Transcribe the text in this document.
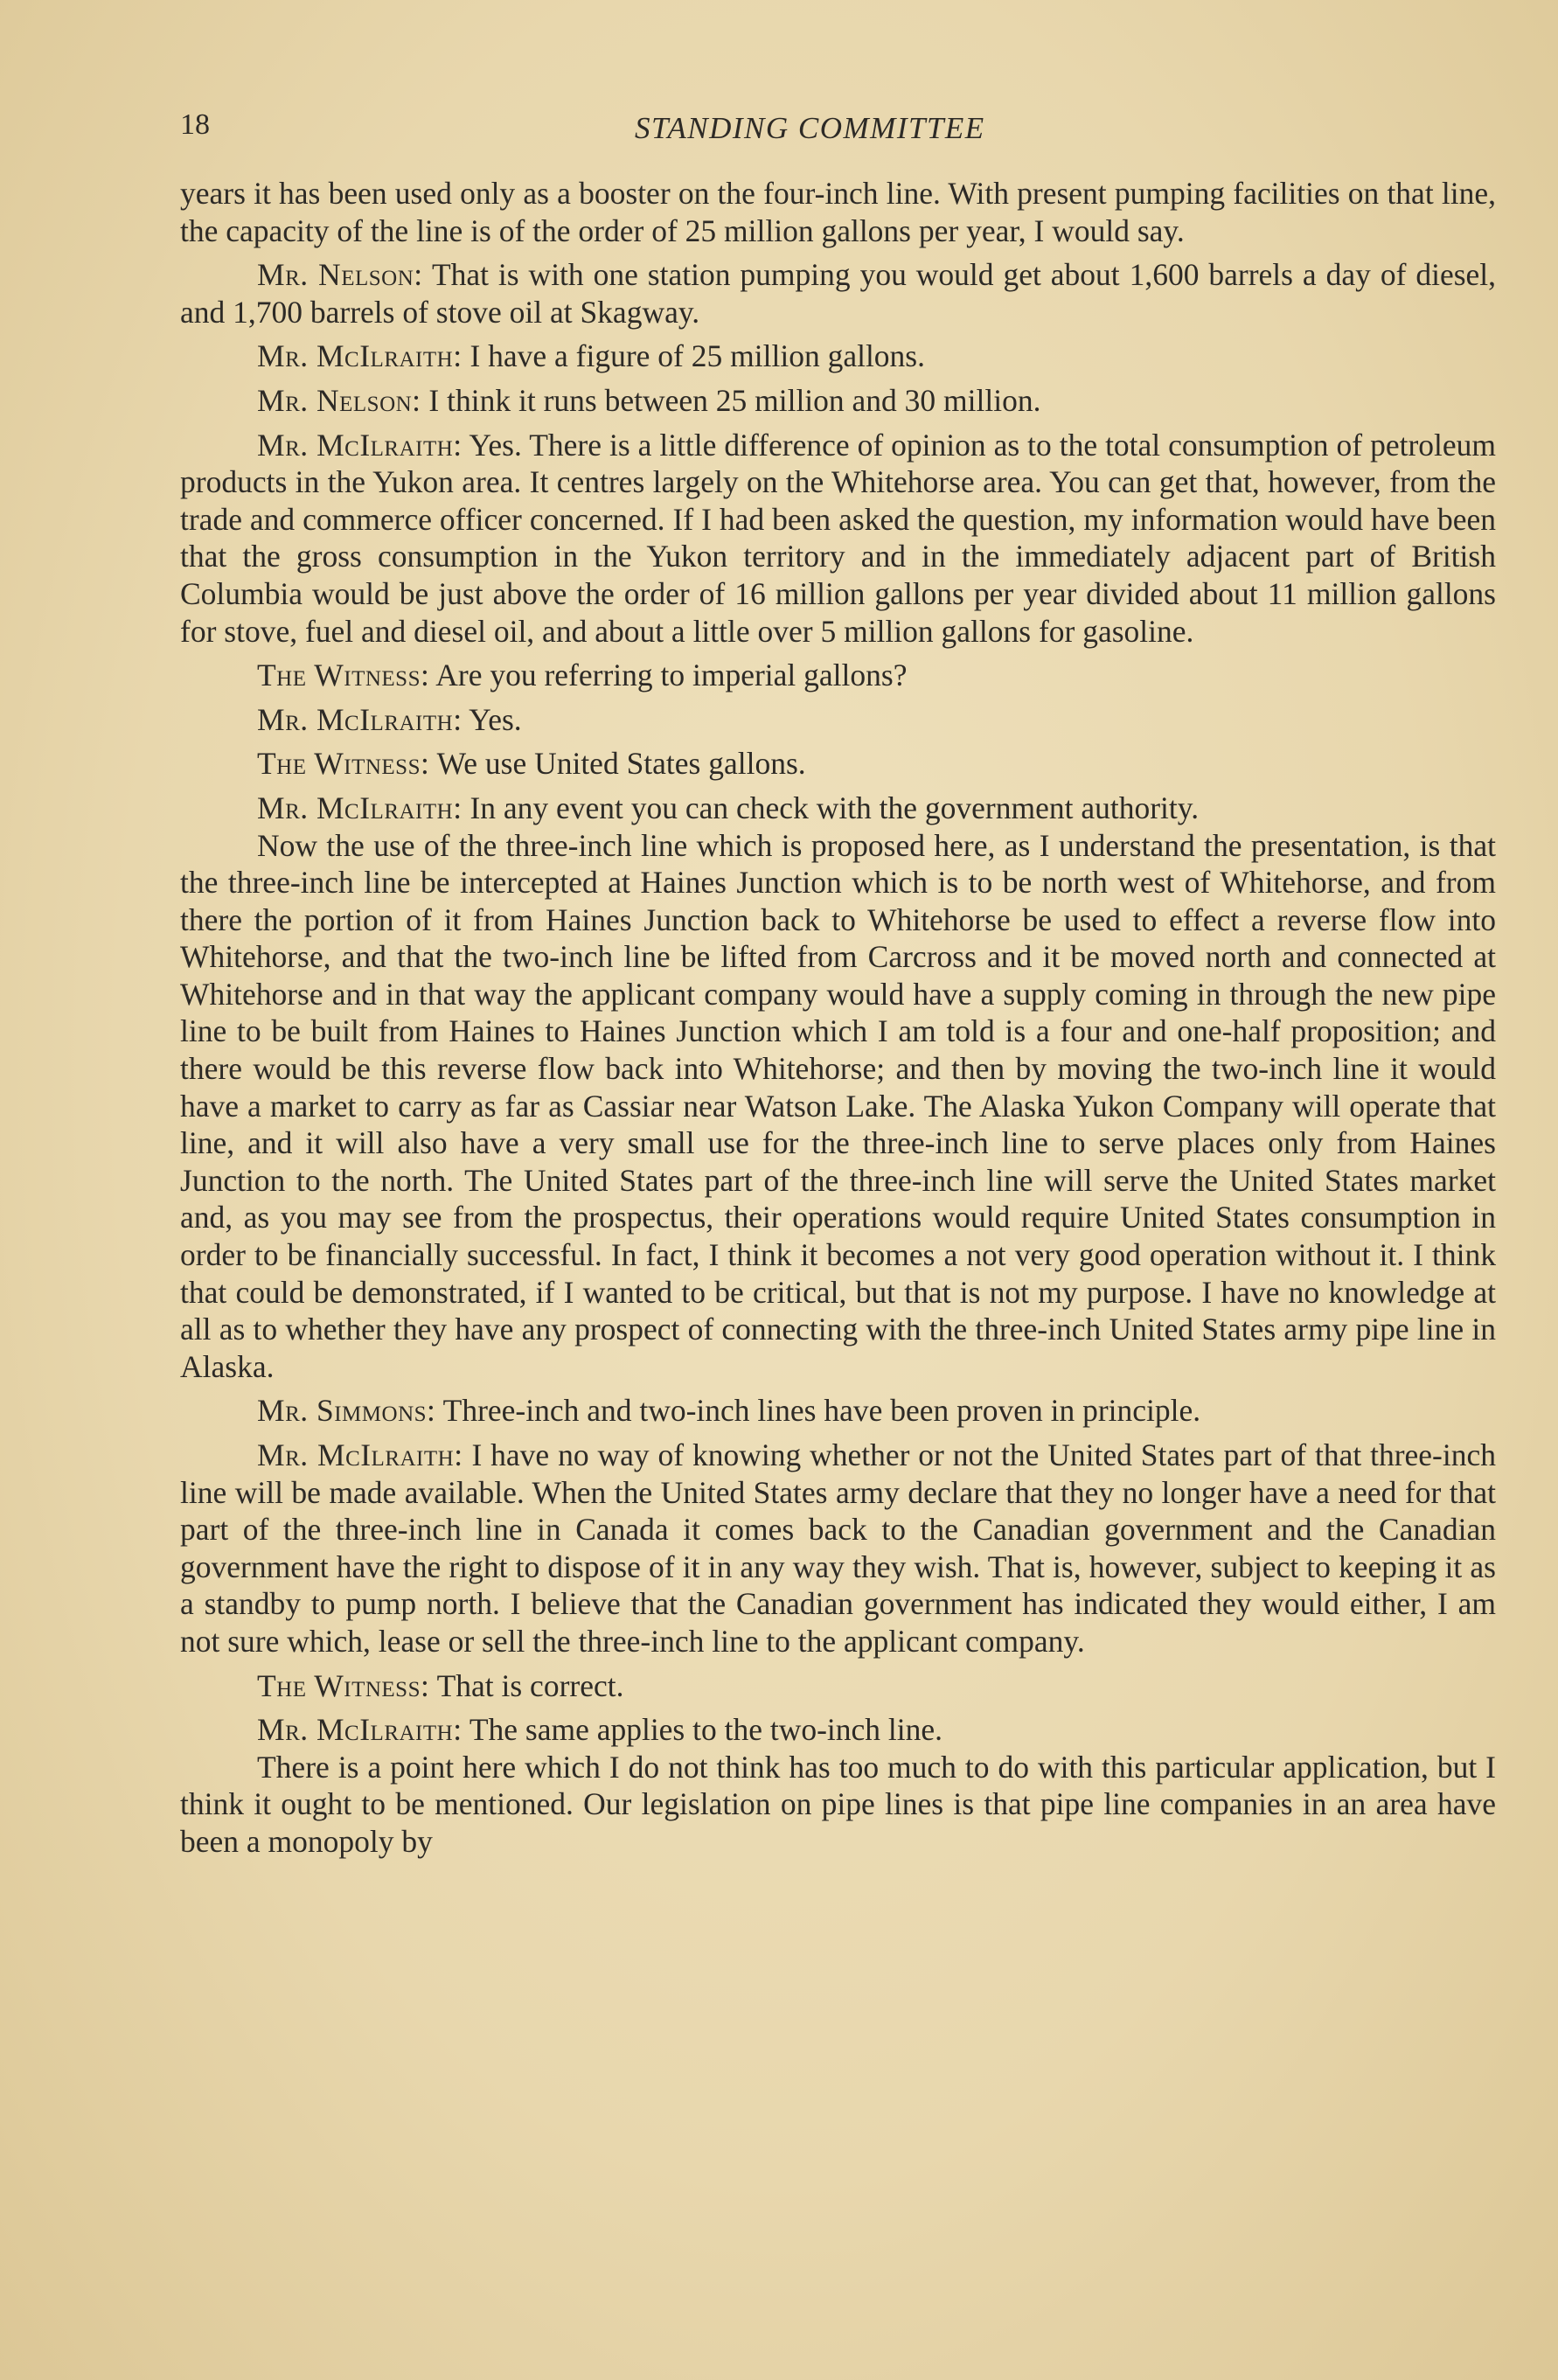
18	STANDING COMMITTEE

years it has been used only as a booster on the four-inch line. With present pumping facilities on that line, the capacity of the line is of the order of 25 million gallons per year, I would say.

Mr. Nelson: That is with one station pumping you would get about 1,600 barrels a day of diesel, and 1,700 barrels of stove oil at Skagway.

Mr. McIlraith: I have a figure of 25 million gallons.

Mr. Nelson: I think it runs between 25 million and 30 million.

Mr. McIlraith: Yes. There is a little difference of opinion as to the total consumption of petroleum products in the Yukon area. It centres largely on the Whitehorse area. You can get that, however, from the trade and commerce officer concerned. If I had been asked the question, my information would have been that the gross consumption in the Yukon territory and in the immediately adjacent part of British Columbia would be just above the order of 16 million gallons per year divided about 11 million gallons for stove, fuel and diesel oil, and about a little over 5 million gallons for gasoline.

The Witness: Are you referring to imperial gallons?

Mr. McIlraith: Yes.

The Witness: We use United States gallons.

Mr. McIlraith: In any event you can check with the government authority.

Now the use of the three-inch line which is proposed here, as I understand the presentation, is that the three-inch line be intercepted at Haines Junction which is to be north west of Whitehorse, and from there the portion of it from Haines Junction back to Whitehorse be used to effect a reverse flow into Whitehorse, and that the two-inch line be lifted from Carcross and it be moved north and connected at Whitehorse and in that way the applicant company would have a supply coming in through the new pipe line to be built from Haines to Haines Junction which I am told is a four and one-half proposition; and there would be this reverse flow back into Whitehorse; and then by moving the two-inch line it would have a market to carry as far as Cassiar near Watson Lake. The Alaska Yukon Company will operate that line, and it will also have a very small use for the three-inch line to serve places only from Haines Junction to the north. The United States part of the three-inch line will serve the United States market and, as you may see from the prospectus, their operations would require United States consumption in order to be financially successful. In fact, I think it becomes a not very good operation without it. I think that could be demonstrated, if I wanted to be critical, but that is not my purpose. I have no knowledge at all as to whether they have any prospect of connecting with the three-inch United States army pipe line in Alaska.

Mr. Simmons: Three-inch and two-inch lines have been proven in principle.

Mr. McIlraith: I have no way of knowing whether or not the United States part of that three-inch line will be made available. When the United States army declare that they no longer have a need for that part of the three-inch line in Canada it comes back to the Canadian government and the Canadian government have the right to dispose of it in any way they wish. That is, however, subject to keeping it as a standby to pump north. I believe that the Canadian government has indicated they would either, I am not sure which, lease or sell the three-inch line to the applicant company.

The Witness: That is correct.

Mr. McIlraith: The same applies to the two-inch line.

There is a point here which I do not think has too much to do with this particular application, but I think it ought to be mentioned. Our legislation on pipe lines is that pipe line companies in an area have been a monopoly by
